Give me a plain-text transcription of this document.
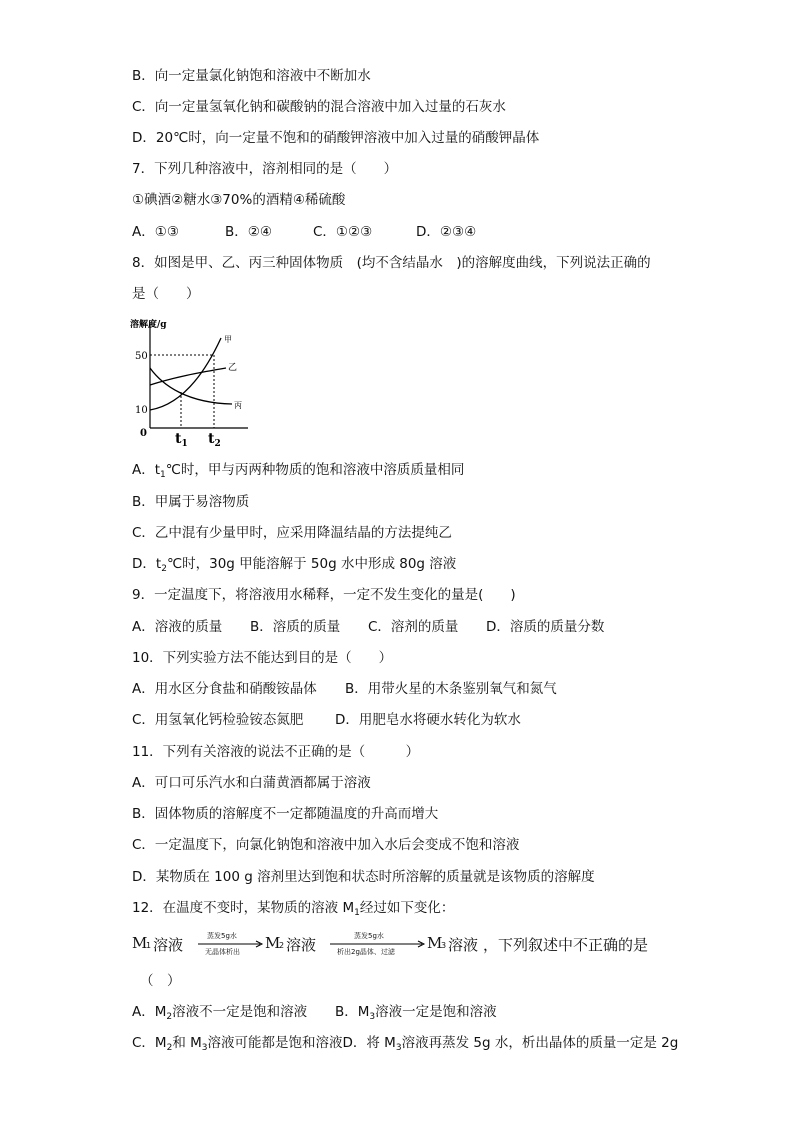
B．向一定量氯化钠饱和溶液中不断加水
C．向一定量氢氧化钠和碳酸钠的混合溶液中加入过量的石灰水
D．20℃时，向一定量不饱和的硝酸钾溶液中加入过量的硝酸钾晶体
7．下列几种溶液中，溶剂相同的是（　　）
①碘酒②糖水③70%的酒精④稀硫酸
A．①③	B．②④	C．①②③	D．②③④
8．如图是甲、乙、丙三种固体物质　(均不含结晶水　)的溶解度曲线，下列说法正确的
是（　　）
溶解度/g
甲
乙
丙
50
10
0 $t_1$ $t_2$
A．$t_1℃$时，甲与丙两种物质的饱和溶液中溶质质量相同
B．甲属于易溶物质
C．乙中混有少量甲时，应采用降温结晶的方法提纯乙
D．$t_2℃$时，30g 甲能溶解于 50g 水中形成 80g 溶液
9．一定温度下，将溶液用水稀释，一定不发生变化的量是(　　)
A．溶液的质量 B．溶质的质量 C．溶剂的质量 D．溶质的质量分数
10．下列实验方法不能达到目的是（　　）
A．用水区分食盐和硝酸铵晶体 B．用带火星的木条鉴别氧气和氮气
C．用氢氧化钙检验铵态氮肥 D．用肥皂水将硬水转化为软水
11．下列有关溶液的说法不正确的是（　　　）
A．可口可乐汽水和白蒲黄酒都属于溶液
B．固体物质的溶解度不一定都随温度的升高而增大
C．一定温度下，向氯化钠饱和溶液中加入水后会变成不饱和溶液
D．某物质在 100 g 溶剂里达到饱和状态时所溶解的质量就是该物质的溶解度
12．在温度不变时，某物质的溶液 $M_1$经过如下变化：
M
1 溶液	蒸发5g水
无晶体析出 M
2 溶液	蒸发5g水
析出2g晶体、过滤 M
3 溶液 ，下列叙述中不正确的是
（　）
A．M2溶液不一定是饱和溶液 B．M3溶液一定是饱和溶液
C．M2和 M3溶液可能都是饱和溶液D．将 M3溶液再蒸发 5g 水，析出晶体的质量一定是 2g
